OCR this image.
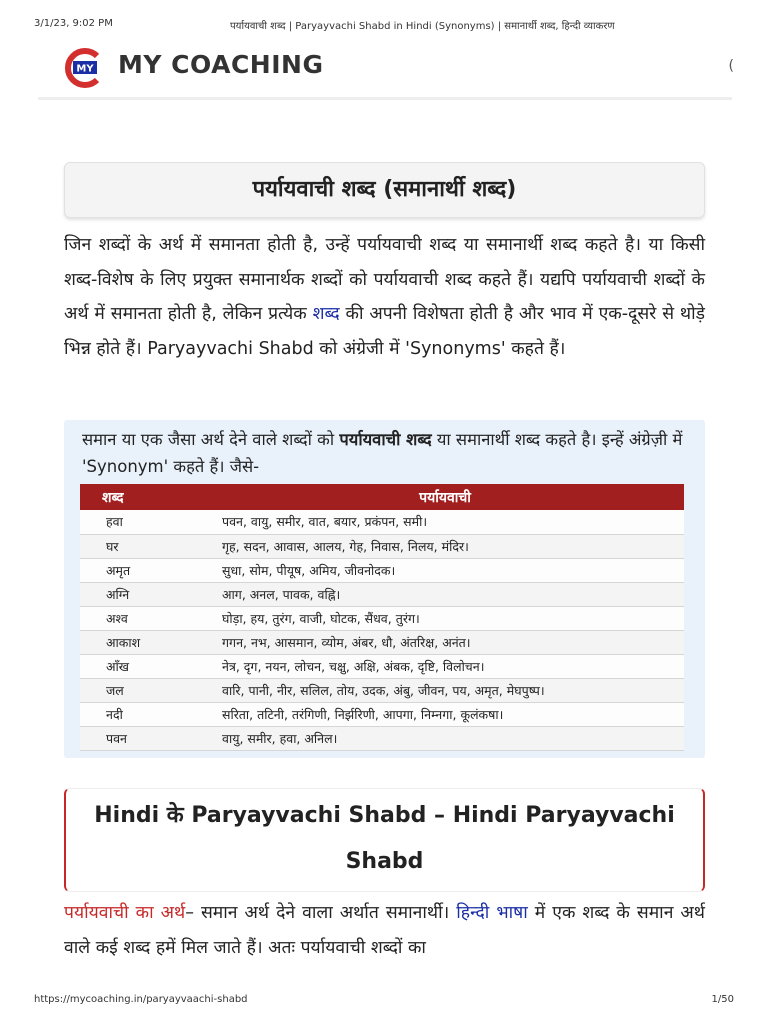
3/1/23, 9:02 PM	पर्यायवाची शब्द | Paryayvachi Shabd in Hindi (Synonyms) | समानार्थी शब्द, हिन्दी व्याकरण
MY MY COACHING	(
पर्यायवाची शब्द (समानार्थी शब्द)

जिन शब्दों के अर्थ में समानता होती है, उन्हें पर्यायवाची शब्द या समानार्थी शब्द कहते है। या किसी शब्द-विशेष के लिए प्रयुक्त समानार्थक शब्दों को पर्यायवाची शब्द कहते हैं। यद्यपि पर्यायवाची शब्दों के अर्थ में समानता होती है, लेकिन प्रत्येक शब्द की अपनी विशेषता होती है और भाव में एक-दूसरे से थोड़े भिन्न होते हैं। Paryayvachi Shabd को अंग्रेजी में 'Synonyms' कहते हैं।

समान या एक जैसा अर्थ देने वाले शब्दों को पर्यायवाची शब्द या समानार्थी शब्द कहते है। इन्हें अंग्रेज़ी में 'Synonym' कहते हैं। जैसे-

शब्द	पर्यायवाची
हवा	पवन, वायु, समीर, वात, बयार, प्रकंपन, समी।
घर	गृह, सदन, आवास, आलय, गेह, निवास, निलय, मंदिर।
अमृत	सुधा, सोम, पीयूष, अमिय, जीवनोदक।
अग्नि	आग, अनल, पावक, वह्नि।
अश्व	घोड़ा, हय, तुरंग, वाजी, घोटक, सैंधव, तुरंग।
आकाश	गगन, नभ, आसमान, व्योम, अंबर, धौ, अंतरिक्ष, अनंत।
आँख	नेत्र, दृग, नयन, लोचन, चक्षु, अक्षि, अंबक, दृष्टि, विलोचन।
जल	वारि, पानी, नीर, सलिल, तोय, उदक, अंबु, जीवन, पय, अमृत, मेघपुष्प।
नदी	सरिता, तटिनी, तरंगिणी, निर्झरिणी, आपगा, निम्नगा, कूलंकषा।
पवन	वायु, समीर, हवा, अनिल।
Hindi के Paryayvachi Shabd – Hindi Paryayvachi Shabd

पर्यायवाची का अर्थ– समान अर्थ देने वाला अर्थात समानार्थी। हिन्दी भाषा में एक शब्द के समान अर्थ वाले कई शब्द हमें मिल जाते हैं। अतः पर्यायवाची शब्दों का

https://mycoaching.in/paryayvaachi-shabd	1/50
